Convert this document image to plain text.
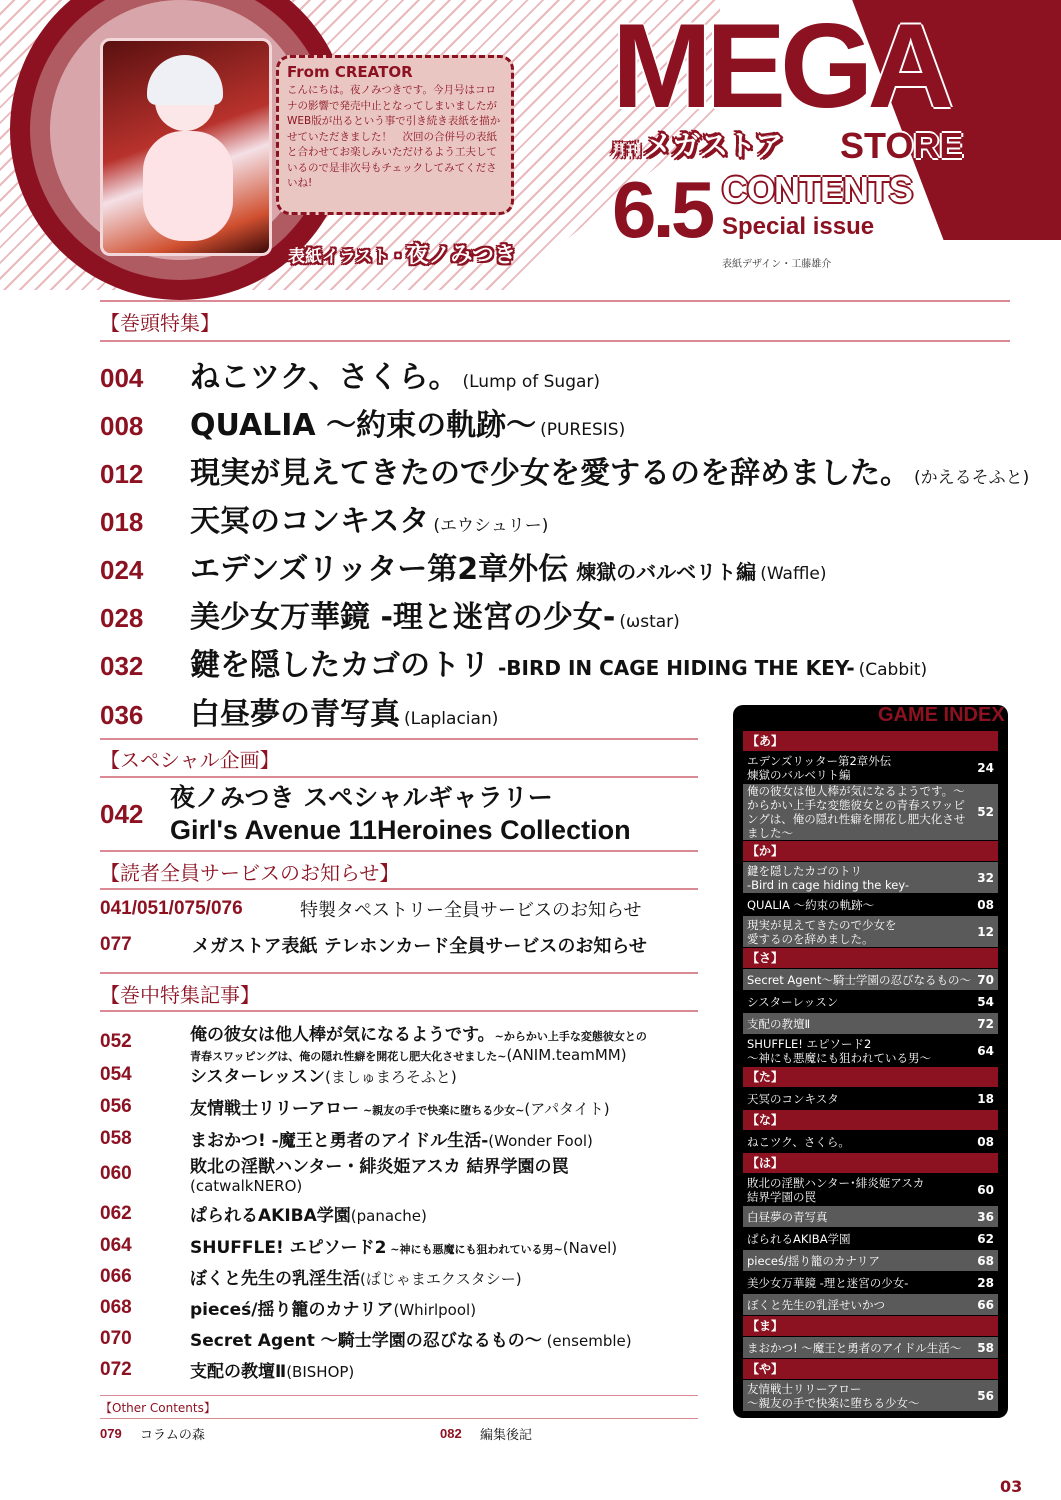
From CREATOR

こんにちは。夜ノみつきです。今月号はコロナの影響で発売中止となってしまいましたがWEB版が出るという事で引き続き表紙を描かせていただきました！　次回の合併号の表紙と合わせてお楽しみいただけるよう工夫しているので是非次号もチェックしてみてくださいね!

表紙イラスト・夜ノみつき
MEGA
月刊 メガストア STORE
6.5 CONTENTS
Special issue
表紙デザイン・工藤雄介
【巻頭特集】
004	ねこツク、さくら。 (Lump of Sugar)
008	QUALIA ～約束の軌跡～ (PURESIS)
012	現実が見えてきたので少女を愛するのを辞めました。 (かえるそふと)
018	天冥のコンキスタ (エウシュリー)
024	エデンズリッター第2章外伝 煉獄のバルベリト編 (Waffle)
028	美少女万華鏡 -理と迷宮の少女- (ωstar)
032	鍵を隠したカゴのトリ -BIRD IN CAGE HIDING THE KEY- (Cabbit)
036	白昼夢の青写真 (Laplacian)
【スペシャル企画】
042
夜ノみつき スペシャルギャラリー
Girl's Avenue 11Heroines Collection
【読者全員サービスのお知らせ】
041/051/075/076	特製タペストリー全員サービスのお知らせ
077	メガストア表紙 テレホンカード全員サービスのお知らせ
【巻中特集記事】
052	俺の彼女は他人棒が気になるようです。~からかい上手な変態彼女との
青春スワッピングは、俺の隠れ性癖を開花し肥大化させました~(ANIM.teamMM)
054	シスターレッスン(ましゅまろそふと)
056	友情戦士リリーアロー ~親友の手で快楽に堕ちる少女~(アパタイト)
058	まおかつ! -魔王と勇者のアイドル生活-(Wonder Fool)
060	敗北の淫獣ハンター・緋炎姫アスカ 結界学園の罠
(catwalkNERO)
062	ぱられるAKIBA学園(panache)
064	SHUFFLE! エピソード2 ~神にも悪魔にも狙われている男~(Navel)
066	ぼくと先生の乳淫生活(ぱじゃまエクスタシー)
068	pieceś/揺り籠のカナリア(Whirlpool)
070	Secret Agent ～騎士学園の忍びなるもの～ (ensemble)
072	支配の教壇Ⅱ(BISHOP)
【Other Contents】
079	コラムの森	082	編集後記
【あ】
エデンズリッター第2章外伝
煉獄のバルベリト編	24
俺の彼女は他人棒が気になるようです。～からかい上手な変態彼女との青春スワッピングは、俺の隠れ性癖を開花し肥大化させました～
52
【か】
鍵を隠したカゴのトリ
-Bird in cage hiding the key-	32
QUALIA ～約束の軌跡～	08
現実が見えてきたので少女を
愛するのを辞めました。	12
【さ】
Secret Agent～騎士学園の忍びなるもの～ 70
シスターレッスン	54
支配の教壇Ⅱ	72
SHUFFLE! エピソード2
～神にも悪魔にも狙われている男～	64
【た】
天冥のコンキスタ	18
【な】
ねこツク、さくら。	08
【は】
敗北の淫獣ハンター･緋炎姫アスカ
結界学園の罠	60
白昼夢の青写真	36
ぱられるAKIBA学園	62
pieceś/揺り籠のカナリア	68
美少女万華鏡 -理と迷宮の少女-	28
ぼくと先生の乳淫せいかつ	66
【ま】
まおかつ! ～魔王と勇者のアイドル生活～ 58
【や】
友情戦士リリーアロー
～親友の手で快楽に堕ちる少女～	56
GAME INDEX
03
